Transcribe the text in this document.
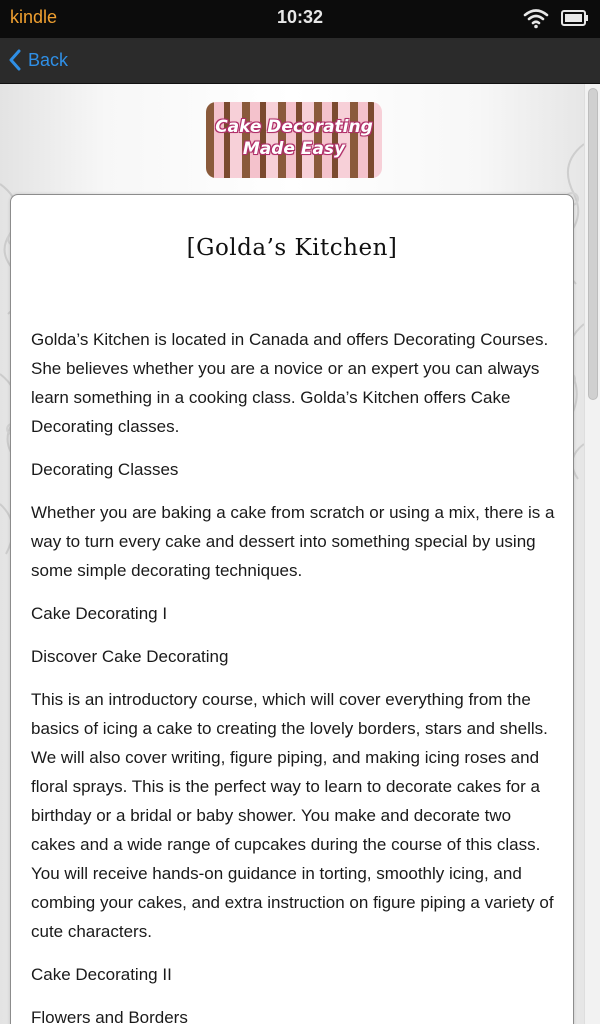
kindle	10:32
Back
Cake Decorating
Made Easy
[Golda’s Kitchen]

Golda’s Kitchen is located in Canada and offers Decorating Courses. She believes whether you are a novice or an expert you can always learn something in a cooking class. Golda’s Kitchen offers Cake Decorating classes.

Decorating Classes

Whether you are baking a cake from scratch or using a mix, there is a way to turn every cake and dessert into something special by using some simple decorating techniques.

Cake Decorating I

Discover Cake Decorating

This is an introductory course, which will cover everything from the basics of icing a cake to creating the lovely borders, stars and shells. We will also cover writing, figure piping, and making icing roses and floral sprays. This is the perfect way to learn to decorate cakes for a birthday or a bridal or baby shower. You make and decorate two cakes and a wide range of cupcakes during the course of this class. You will receive hands-on guidance in torting, smoothly icing, and combing your cakes, and extra instruction on figure piping a variety of cute characters.

Cake Decorating II

Flowers and Borders
